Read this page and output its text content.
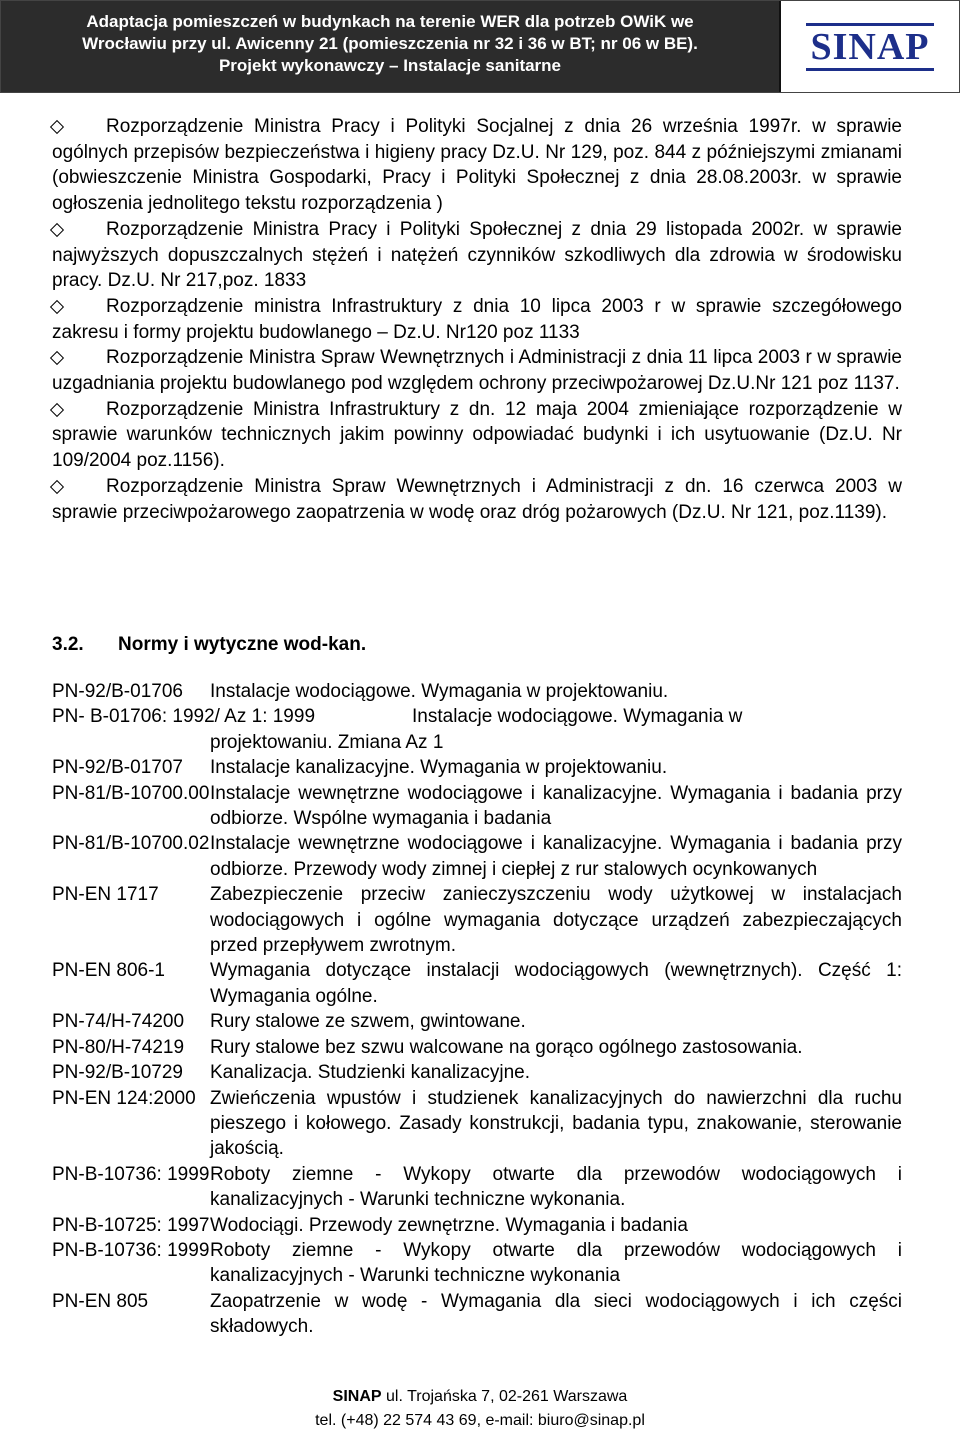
Adaptacja pomieszczeń w budynkach na terenie WER dla potrzeb OWiK we
Wrocławiu przy ul. Awicenny 21 (pomieszczenia nr 32 i 36 w BT; nr 06 w BE).
Projekt wykonawczy – Instalacje sanitarne	SINAP
Rozporządzenie Ministra Pracy i Polityki Socjalnej z dnia 26 września 1997r. w sprawie ogólnych przepisów bezpieczeństwa i higieny pracy Dz.U. Nr 129, poz. 844 z późniejszymi zmianami (obwieszczenie Ministra Gospodarki, Pracy i Polityki Społecznej z dnia 28.08.2003r. w sprawie ogłoszenia jednolitego tekstu rozporządzenia )
Rozporządzenie Ministra Pracy i Polityki Społecznej z dnia 29 listopada 2002r. w sprawie najwyższych dopuszczalnych stężeń i natężeń czynników szkodliwych dla zdrowia w środowisku pracy. Dz.U. Nr 217,poz. 1833
Rozporządzenie ministra Infrastruktury z dnia 10 lipca 2003 r w sprawie szczegółowego zakresu i formy projektu budowlanego – Dz.U. Nr120 poz 1133
Rozporządzenie Ministra Spraw Wewnętrznych i Administracji z dnia 11 lipca 2003 r w sprawie uzgadniania projektu budowlanego pod względem ochrony przeciwpożarowej Dz.U.Nr 121 poz 1137.
Rozporządzenie Ministra Infrastruktury z dn. 12 maja 2004 zmieniające rozporządzenie w sprawie warunków technicznych jakim powinny odpowiadać budynki i ich usytuowanie (Dz.U. Nr 109/2004 poz.1156).
Rozporządzenie Ministra Spraw Wewnętrznych i Administracji z dn. 16 czerwca 2003 w sprawie przeciwpożarowego zaopatrzenia w wodę oraz dróg pożarowych (Dz.U. Nr 121, poz.1139).
3.2. Normy i wytyczne wod-kan.
PN-92/B-01706	Instalacje wodociągowe. Wymagania w projektowaniu.
PN- B-01706: 1992/ Az 1: 1999	Instalacje wodociągowe. Wymagania w
projektowaniu. Zmiana Az 1
PN-92/B-01707	Instalacje kanalizacyjne. Wymagania w projektowaniu.
PN-81/B-10700.00 Instalacje wewnętrzne wodociągowe i kanalizacyjne. Wymagania i badania przy odbiorze. Wspólne wymagania i badania
PN-81/B-10700.02 Instalacje wewnętrzne wodociągowe i kanalizacyjne. Wymagania i badania przy odbiorze. Przewody wody zimnej i ciepłej z rur stalowych ocynkowanych
PN-EN 1717	Zabezpieczenie przeciw zanieczyszczeniu wody użytkowej w instalacjach wodociągowych i ogólne wymagania dotyczące urządzeń zabezpieczających przed przepływem zwrotnym.
PN-EN 806-1	Wymagania dotyczące instalacji wodociągowych (wewnętrznych). Część 1: Wymagania ogólne.
PN-74/H-74200	Rury stalowe ze szwem, gwintowane.
PN-80/H-74219	Rury stalowe bez szwu walcowane na gorąco ogólnego zastosowania.
PN-92/B-10729	Kanalizacja. Studzienki kanalizacyjne.
PN-EN 124:2000 Zwieńczenia wpustów i studzienek kanalizacyjnych do nawierzchni dla ruchu pieszego i kołowego. Zasady konstrukcji, badania typu, znakowanie, sterowanie jakością.
PN-B-10736: 1999 Roboty ziemne - Wykopy otwarte dla przewodów wodociągowych i kanalizacyjnych - Warunki techniczne wykonania.
PN-B-10725: 1997 Wodociągi. Przewody zewnętrzne. Wymagania i badania
PN-B-10736: 1999 Roboty ziemne - Wykopy otwarte dla przewodów wodociągowych i kanalizacyjnych - Warunki techniczne wykonania
PN-EN 805	Zaopatrzenie w wodę - Wymagania dla sieci wodociągowych i ich części składowych.
SINAP ul. Trojańska 7, 02-261 Warszawa
tel. (+48) 22 574 43 69, e-mail: biuro@sinap.pl
